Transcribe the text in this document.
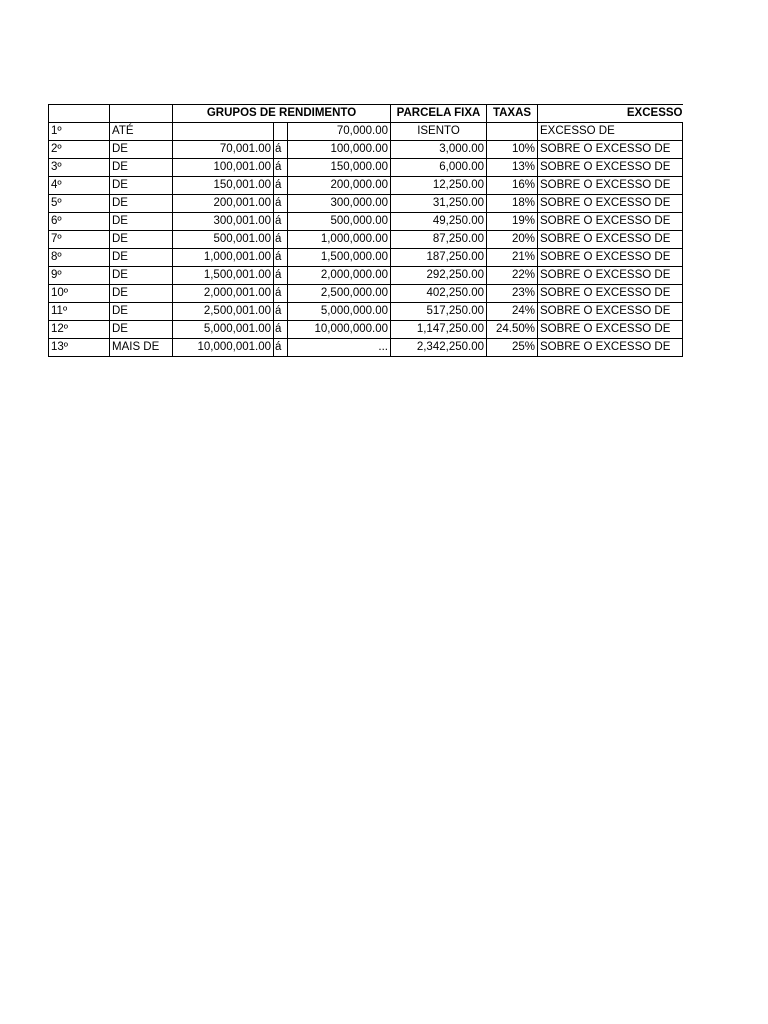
		GRUPOS DE RENDIMENTO			PARCELA FIXA	TAXAS	EXCESSO
1º	ATÉ			70,000.00	ISENTO		EXCESSO DE
2º	DE	70,001.00	á	100,000.00	3,000.00	10%	SOBRE O EXCESSO DE
3º	DE	100,001.00	á	150,000.00	6,000.00	13%	SOBRE O EXCESSO DE
4º	DE	150,001.00	á	200,000.00	12,250.00	16%	SOBRE O EXCESSO DE
5º	DE	200,001.00	á	300,000.00	31,250.00	18%	SOBRE O EXCESSO DE
6º	DE	300,001.00	á	500,000.00	49,250.00	19%	SOBRE O EXCESSO DE
7º	DE	500,001.00	á	1,000,000.00	87,250.00	20%	SOBRE O EXCESSO DE
8º	DE	1,000,001.00	á	1,500,000.00	187,250.00	21%	SOBRE O EXCESSO DE
9º	DE	1,500,001.00	á	2,000,000.00	292,250.00	22%	SOBRE O EXCESSO DE
10º	DE	2,000,001.00	á	2,500,000.00	402,250.00	23%	SOBRE O EXCESSO DE
11º	DE	2,500,001.00	á	5,000,000.00	517,250.00	24%	SOBRE O EXCESSO DE
12º	DE	5,000,001.00	á	10,000,000.00	1,147,250.00	24.50%	SOBRE O EXCESSO DE
13º	MAIS DE	10,000,001.00	á	...	2,342,250.00	25%	SOBRE O EXCESSO DE
